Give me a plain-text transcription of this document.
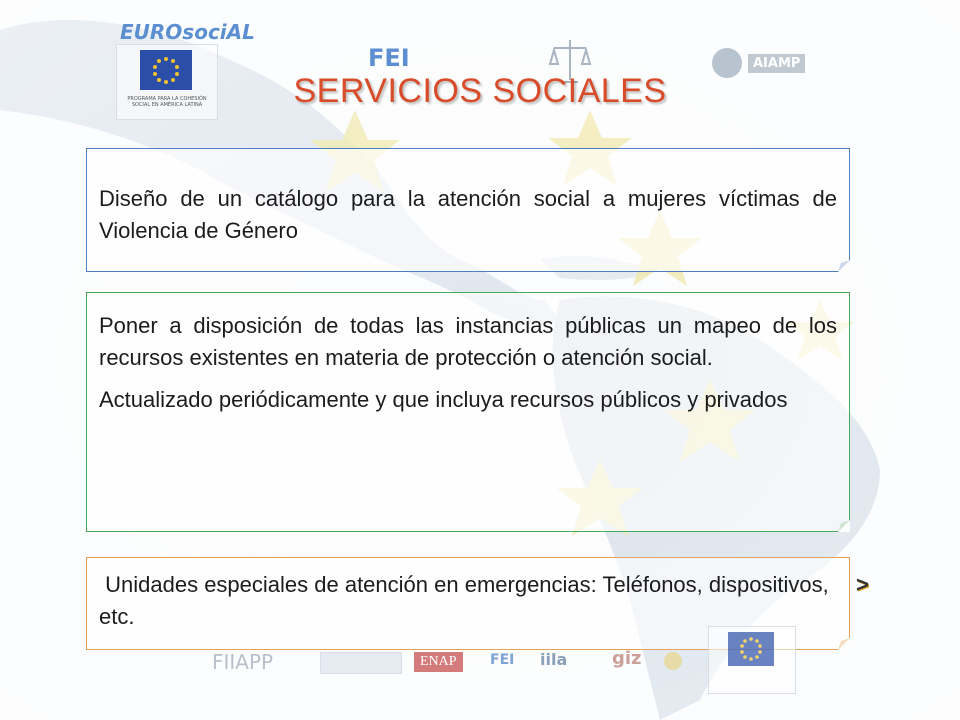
EUROsociAL
PROGRAMA PARA LA COHESIÓN SOCIAL EN AMÉRICA LATINA
FEI	AIAMP
SERVICIOS SOCIALES

Diseño de un catálogo para la atención social a mujeres víctimas de Violencia de Género

Poner a disposición de todas las instancias públicas un mapeo de los recursos existentes en materia de protección o atención social.

Actualizado periódicamente y que incluya recursos públicos y privados

Unidades especiales de atención en emergencias: Teléfonos, dispositivos, etc.

>
FIIAPP	ENAP	FEI iila giz
